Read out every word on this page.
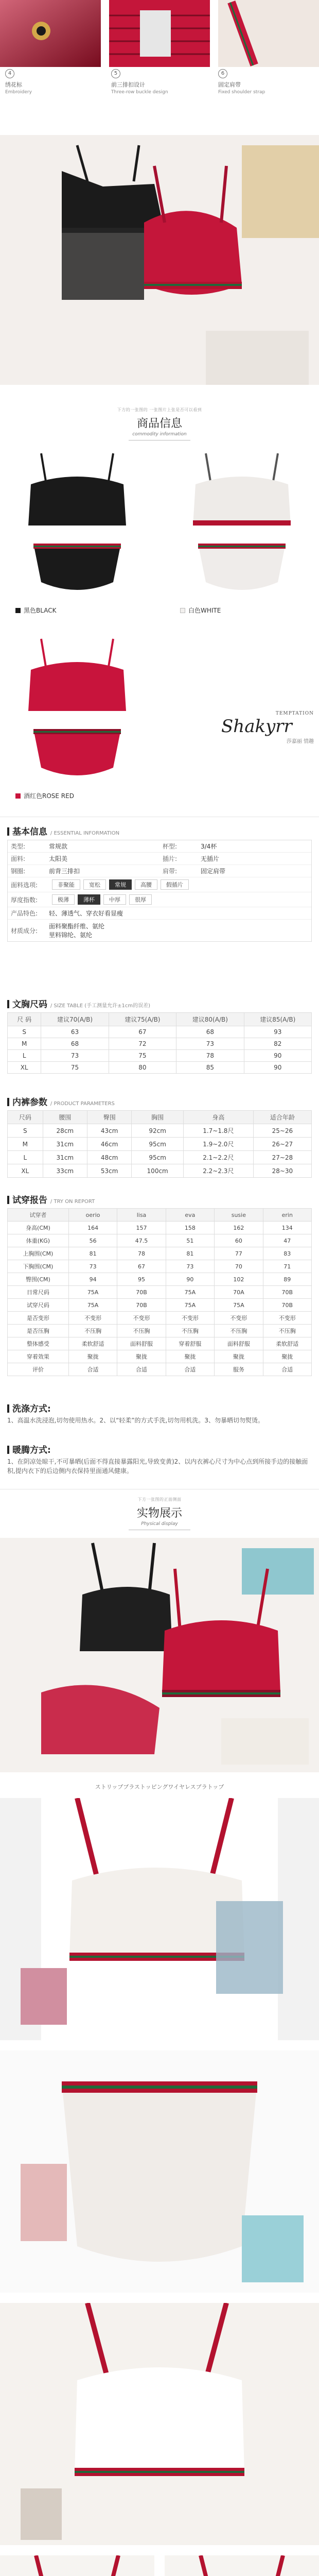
4
绣花标
Embroidery
5
前三排扣设计
Three-row buckle design
6
固定肩带
Fixed shoulder strap
下方的一张图的 一张图片上张是否可以看到
商品信息
commodity information
黑色BLACK	白色WHITE
酒红色ROSE RED
TEMPTATION
Shakyrr
莎嘉丽 情趣
基本信息 / ESSENTIAL INFORMATION
类型:	常规款	杯型:	3/4杯
面料:	太阳美	插片:	无插片
钢圈:	前背三排扣	肩带:	固定肩带
面料选项:	非聚能	宽松	常规	高腰	假插片
厚度指数:	极薄	薄杯	中厚	很厚
产品特色:	轻、薄透气、穿衣好看显瘦
材质成分:
面料聚酯纤维、氨纶
里料锦纶、氨纶
文胸尺码 / SIZE TABLE (手工测量允许±1cm的误差)
尺 码	建议70(A/B)	建议75(A/B)	建议80(A/B)	建议85(A/B)
S	63	67	68	93
M	68	72	73	82
L	73	75	78	90
XL	75	80	85	90
内裤参数 / PRODUCT PARAMETERS
尺码	腰围	臀围	胸围	身高	适合年龄
S	28cm	43cm	92cm	1.7~1.8尺	25~26
M	31cm	46cm	95cm	1.9~2.0尺	26~27
L	31cm	48cm	95cm	2.1~2.2尺	27~28
XL	33cm	53cm	100cm	2.2~2.3尺	28~30
试穿报告 / TRY ON REPORT
试穿者	oerio	lisa	eva	susie	erin
身高(CM)	164	157	158	162	134
体重(KG)	56	47.5	51	60	47
上胸围(CM)	81	78	81	77	83
下胸围(CM)	73	67	73	70	71
臀围(CM)	94	95	90	102	89
日常尺码	75A	70B	75A	70A	70B
试穿尺码	75A	70B	75A	75A	70B
是否变形	不变形	不变形	不变形	不变形	不变形
是否压胸	不压胸	不压胸	不压胸	不压胸	不压胸
整体感受	柔软舒适	面料舒服	穿着舒服	面料舒服	柔软舒适
穿着效果	聚拢	聚拢	聚拢	聚拢	聚拢
评价	合适	合适	合适	服务	合适
洗涤方式:
1、高温水洗浸泡,切勿使用热水。2、以“轻柔”的方式手洗,切勿用机洗。3、勿暴晒切勿熨烫。
暖腾方式:
1、在阴凉处晾干,不可暴晒(后面不得直接暴露阳光,导致变黄)2、以内衣裤心尺寸为中心点到所接手边的接触面积,提内衣下的后边侧内衣保持里面通风健康。
下方一张图的正面侧面
实物展示
Physical display
ストリップブラストッピングワイヤレスブラトップ
